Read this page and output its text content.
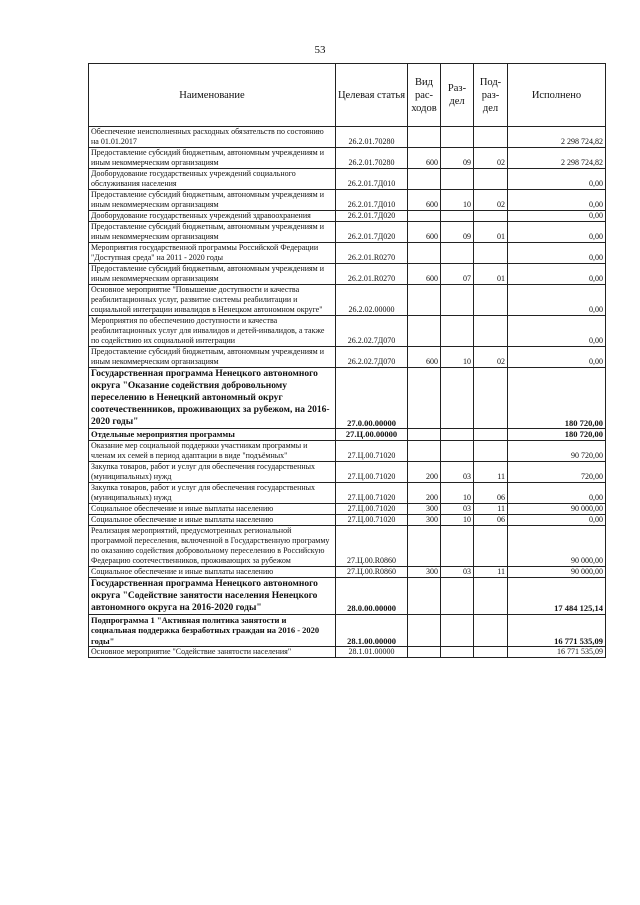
53
Наименование	Целевая статья	Вид рас- ходов	Раз- дел	Под- раз- дел	Исполнено
Обеспечение неисполненных расходных обязательств по состоянию на 01.01.2017	26.2.01.70280				2 298 724,82
Предоставление субсидий бюджетным, автономным учреждениям и иным некоммерческим организациям	26.2.01.70280	600	09	02	2 298 724,82
Дооборудование государственных учреждений социального обслуживания населения	26.2.01.7Д010				0,00
Предоставление субсидий бюджетным, автономным учреждениям и иным некоммерческим организациям	26.2.01.7Д010	600	10	02	0,00
Дооборудование государственных учреждений здравоохранения	26.2.01.7Д020				0,00
Предоставление субсидий бюджетным, автономным учреждениям и иным некоммерческим организациям	26.2.01.7Д020	600	09	01	0,00
Мероприятия государственной программы Российской Федерации "Доступная среда" на 2011 - 2020 годы	26.2.01.R0270				0,00
Предоставление субсидий бюджетным, автономным учреждениям и иным некоммерческим организациям	26.2.01.R0270	600	07	01	0,00
Основное мероприятие "Повышение доступности и качества реабилитационных услуг, развитие системы реабилитации и социальной интеграции инвалидов в Ненецком автономном округе"	26.2.02.00000				0,00
Мероприятия по обеспечению доступности и качества реабилитационных услуг для инвалидов и детей-инвалидов, а также по содействию их социальной интеграции	26.2.02.7Д070				0,00
Предоставление субсидий бюджетным, автономным учреждениям и иным некоммерческим организациям	26.2.02.7Д070	600	10	02	0,00
Государственная программа Ненецкого автономного округа "Оказание содействия добровольному переселению в Ненецкий автономный округ соотечественников, проживающих за рубежом, на 2016-2020 годы"	27.0.00.00000				180 720,00
Отдельные мероприятия программы	27.Ц.00.00000				180 720,00
Оказание мер социальной поддержки участникам программы и членам их семей в период адаптации в виде "подъёмных"	27.Ц.00.71020				90 720,00
Закупка товаров, работ и услуг для обеспечения государственных (муниципальных) нужд	27.Ц.00.71020	200	03	11	720,00
Закупка товаров, работ и услуг для обеспечения государственных (муниципальных) нужд	27.Ц.00.71020	200	10	06	0,00
Социальное обеспечение и иные выплаты населению	27.Ц.00.71020	300	03	11	90 000,00
Социальное обеспечение и иные выплаты населению	27.Ц.00.71020	300	10	06	0,00
Реализация мероприятий, предусмотренных региональной программой переселения, включенной в Государственную программу по оказанию содействия добровольному переселению в Российскую Федерацию соотечественников, проживающих за рубежом	27.Ц.00.R0860				90 000,00
Социальное обеспечение и иные выплаты населению	27.Ц.00.R0860	300	03	11	90 000,00
Государственная программа Ненецкого автономного округа "Содействие занятости населения Ненецкого автономного округа на 2016-2020 годы"	28.0.00.00000				17 484 125,14
Подпрограмма 1 "Активная политика занятости и социальная поддержка безработных граждан на 2016 - 2020 годы"	28.1.00.00000				16 771 535,09
Основное мероприятие "Содействие занятости населения"	28.1.01.00000				16 771 535,09
